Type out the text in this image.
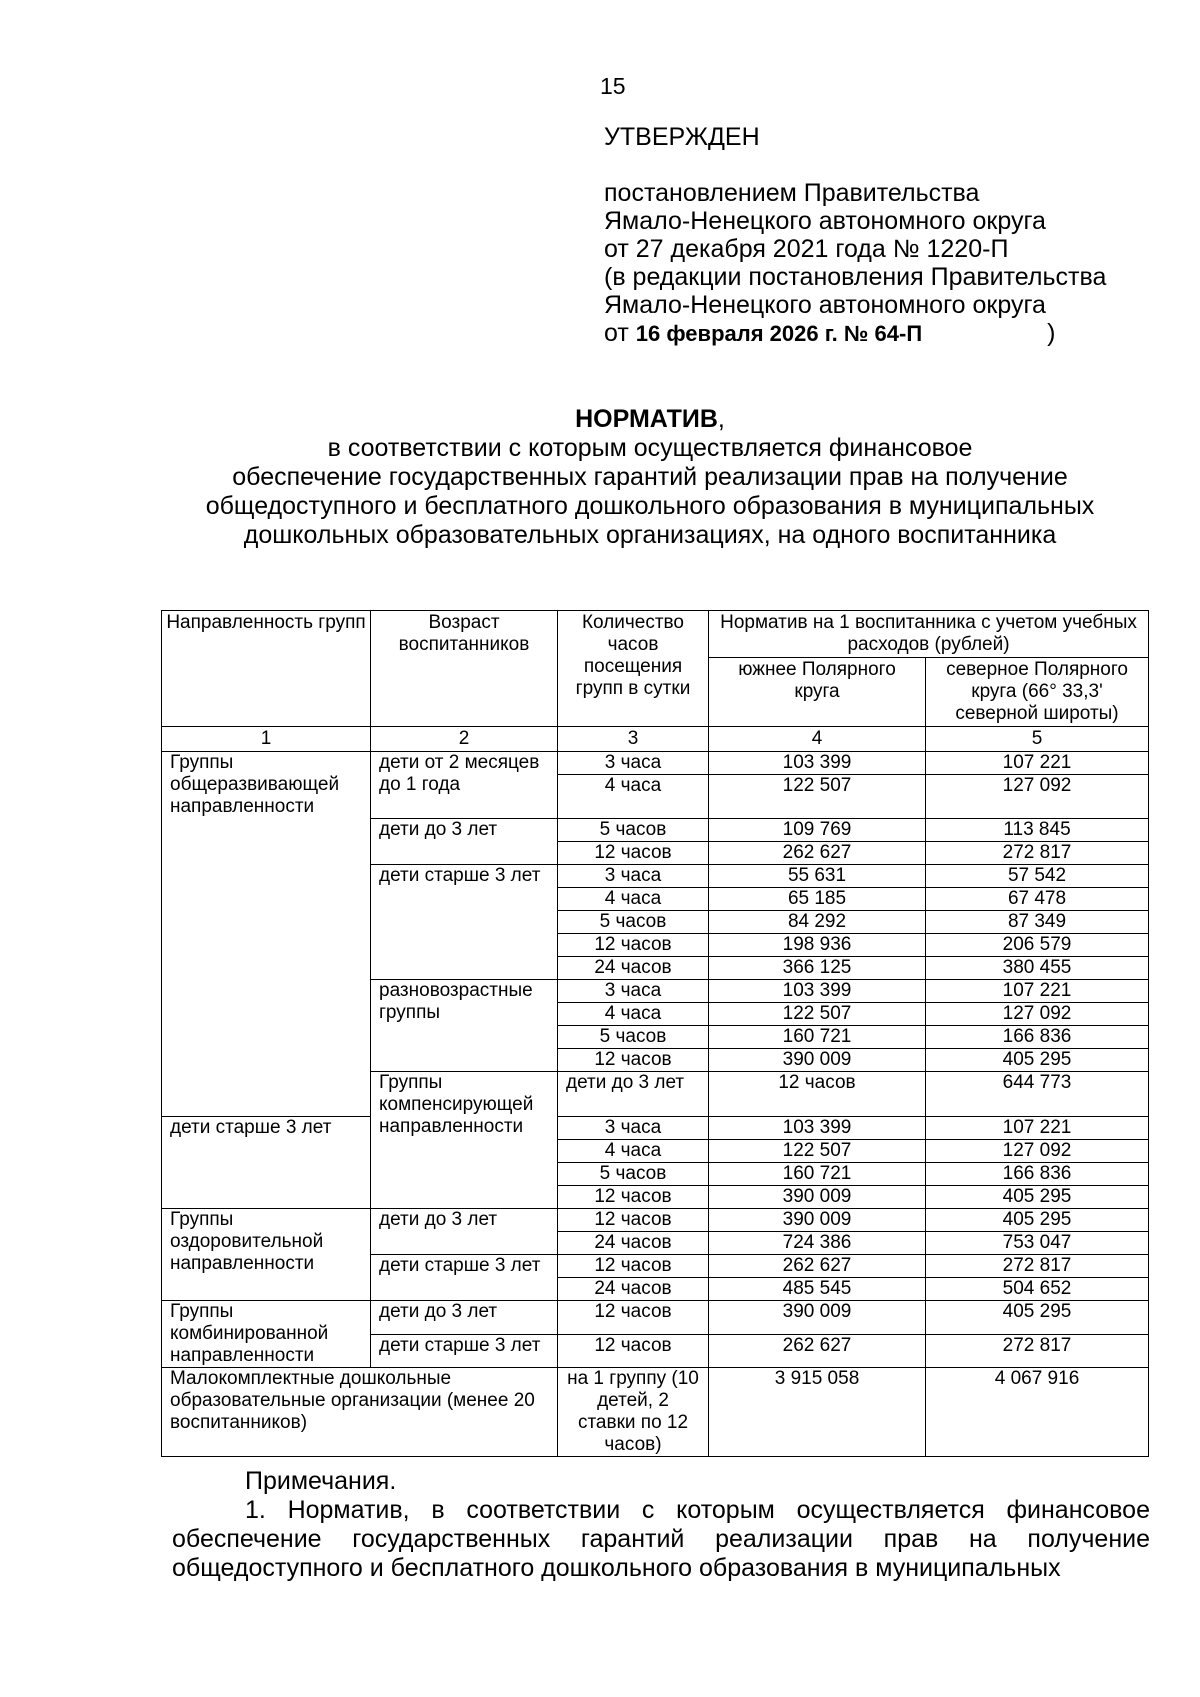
15
УТВЕРЖДЕН
постановлением Правительства
Ямало-Ненецкого автономного округа
от 27 декабря 2021 года № 1220-П
(в редакции постановления Правительства
Ямало-Ненецкого автономного округа
от 16 февраля 2026 г. № 64-П	)
НОРМАТИВ,
в соответствии с которым осуществляется финансовое
обеспечение государственных гарантий реализации прав на получение
общедоступного и бесплатного дошкольного образования в муниципальных
дошкольных образовательных организациях, на одного воспитанника
Направленность групп	Возраст воспитанников	Количество часов посещения групп в сутки	Норматив на 1 воспитанника с учетом учебных расходов (рублей)		
			южнее Полярного круга	северное Полярного круга (66° 33,3' северной широты)	
1	2	3	4	5	
Группы общеразвивающей направленности	дети от 2 месяцев до 1 года	3 часа	103 399	107 221	
		4 часа	122 507	127 092	
	дети до 3 лет	5 часов	109 769	113 845	
		12 часов	262 627	272 817	
	дети старше 3 лет	3 часа	55 631	57 542	
		4 часа	65 185	67 478	
		5 часов	84 292	87 349	
		12 часов	198 936	206 579	
		24 часов	366 125	380 455	
	разновозрастные группы	3 часа	103 399	107 221	
		4 часа	122 507	127 092	
		5 часов	160 721	166 836	
		12 часов	390 009	405 295	
	Группы компенсирующей направленности	дети до 3 лет	12 часов	644 773	
дети старше 3 лет		3 часа	103 399	107 221	
		4 часа	122 507	127 092	
		5 часов	160 721	166 836	
		12 часов	390 009	405 295	
Группы оздоровительной направленности	дети до 3 лет	12 часов	390 009	405 295	
		24 часов	724 386	753 047	
	дети старше 3 лет	12 часов	262 627	272 817	
		24 часов	485 545	504 652	
Группы комбинированной направленности	дети до 3 лет	12 часов	390 009	405 295	
	дети старше 3 лет	12 часов	262 627	272 817	
Малокомплектные дошкольные образовательные организации (менее 20 воспитанников)		на 1 группу (10 детей, 2 ставки по 12 часов)	3 915 058	4 067 916	
Примечания.
1. Норматив, в соответствии с которым осуществляется финансовое обеспечение государственных гарантий реализации прав на получение общедоступного и бесплатного дошкольного образования в муниципальных
